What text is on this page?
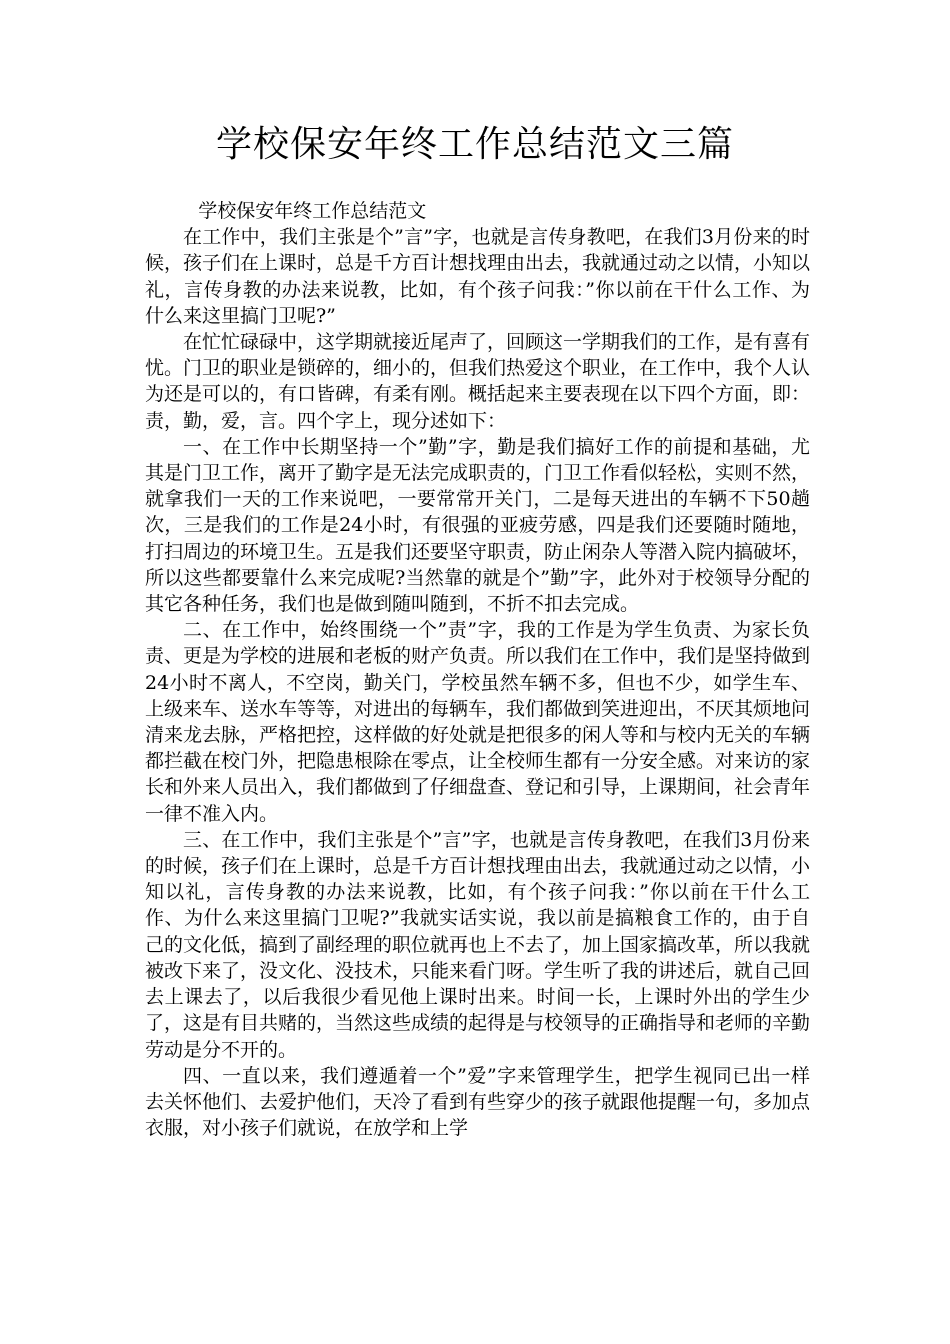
学校保安年终工作总结范文三篇

学校保安年终工作总结范文

在工作中，我们主张是个”言”字，也就是言传身教吧，在我们3月份来的时候，孩子们在上课时，总是千方百计想找理由出去，我就通过动之以情，小知以礼，言传身教的办法来说教，比如，有个孩子问我：”你以前在干什么工作、为什么来这里搞门卫呢?”

在忙忙碌碌中，这学期就接近尾声了，回顾这一学期我们的工作，是有喜有忧。门卫的职业是锁碎的，细小的，但我们热爱这个职业，在工作中，我个人认为还是可以的，有口皆碑，有柔有刚。概括起来主要表现在以下四个方面，即：责，勤，爱，言。四个字上，现分述如下：

一、在工作中长期坚持一个”勤”字，勤是我们搞好工作的前提和基础，尤其是门卫工作，离开了勤字是无法完成职责的，门卫工作看似轻松，实则不然，就拿我们一天的工作来说吧，一要常常开关门，二是每天进出的车辆不下50趟次，三是我们的工作是24小时，有很强的亚疲劳感，四是我们还要随时随地，打扫周边的环境卫生。五是我们还要坚守职责，防止闲杂人等潜入院内搞破坏，所以这些都要靠什么来完成呢?当然靠的就是个”勤”字，此外对于校领导分配的其它各种任务，我们也是做到随叫随到，不折不扣去完成。

二、在工作中，始终围绕一个”责”字，我的工作是为学生负责、为家长负责、更是为学校的进展和老板的财产负责。所以我们在工作中，我们是坚持做到24小时不离人，不空岗，勤关门，学校虽然车辆不多，但也不少，如学生车、上级来车、送水车等等，对进出的每辆车，我们都做到笑进迎出，不厌其烦地问清来龙去脉，严格把控，这样做的好处就是把很多的闲人等和与校内无关的车辆都拦截在校门外，把隐患根除在零点，让全校师生都有一分安全感。对来访的家长和外来人员出入，我们都做到了仔细盘查、登记和引导，上课期间，社会青年一律不准入内。

三、在工作中，我们主张是个”言”字，也就是言传身教吧，在我们3月份来的时候，孩子们在上课时，总是千方百计想找理由出去，我就通过动之以情，小知以礼，言传身教的办法来说教，比如，有个孩子问我：”你以前在干什么工作、为什么来这里搞门卫呢?”我就实话实说，我以前是搞粮食工作的，由于自己的文化低，搞到了副经理的职位就再也上不去了，加上国家搞改革，所以我就被改下来了，没文化、没技术，只能来看门呀。学生听了我的讲述后，就自己回去上课去了，以后我很少看见他上课时出来。时间一长，上课时外出的学生少了，这是有目共赌的，当然这些成绩的起得是与校领导的正确指导和老师的辛勤劳动是分不开的。

四、一直以来，我们遵遁着一个”爱”字来管理学生，把学生视同已出一样去关怀他们、去爱护他们，天冷了看到有些穿少的孩子就跟他提醒一句，多加点衣服，对小孩子们就说，在放学和上学
